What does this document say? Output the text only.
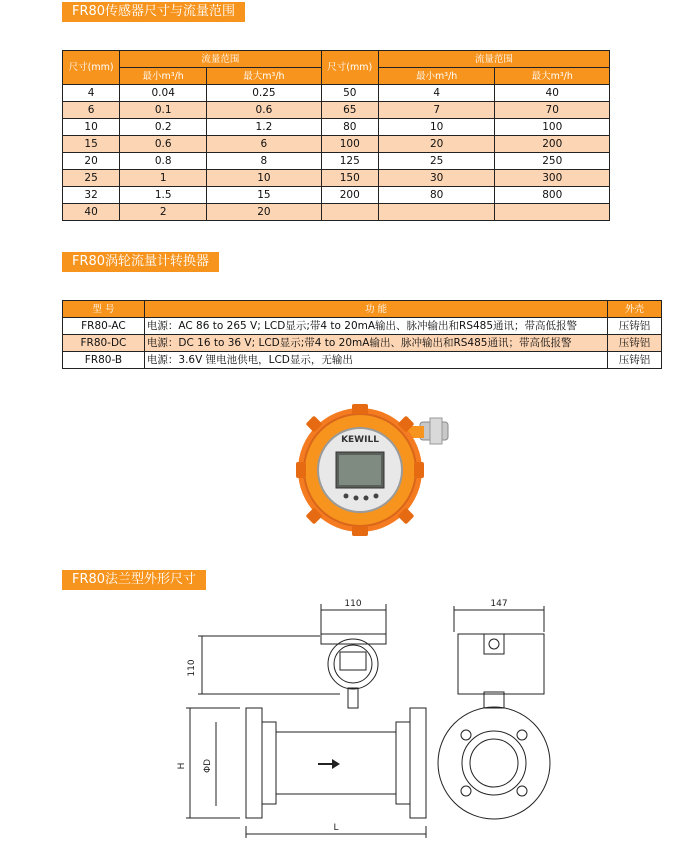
FR80传感器尺寸与流量范围
尺寸(mm)	流量范围		尺寸(mm)	流量范围	
	最小m³/h	最大m³/h		最小m³/h	最大m³/h
4	0.04	0.25	50	4	40
6	0.1	0.6	65	7	70
10	0.2	1.2	80	10	100
15	0.6	6	100	20	200
20	0.8	8	125	25	250
25	1	10	150	30	300
32	1.5	15	200	80	800
40	2	20			
FR80涡轮流量计转换器
型 号	功 能	外壳
FR80-AC	电源：AC 86 to 265 V; LCD显示;带4 to 20mA输出、脉冲输出和RS485通讯；带高低报警	压铸铝
FR80-DC	电源：DC 16 to 36 V; LCD显示;带4 to 20mA输出、脉冲输出和RS485通讯；带高低报警	压铸铝
FR80-B	电源：3.6V 锂电池供电，LCD显示，无输出	压铸铝
KEWILL
FR80法兰型外形尺寸
110	147
110
H ΦD
L
